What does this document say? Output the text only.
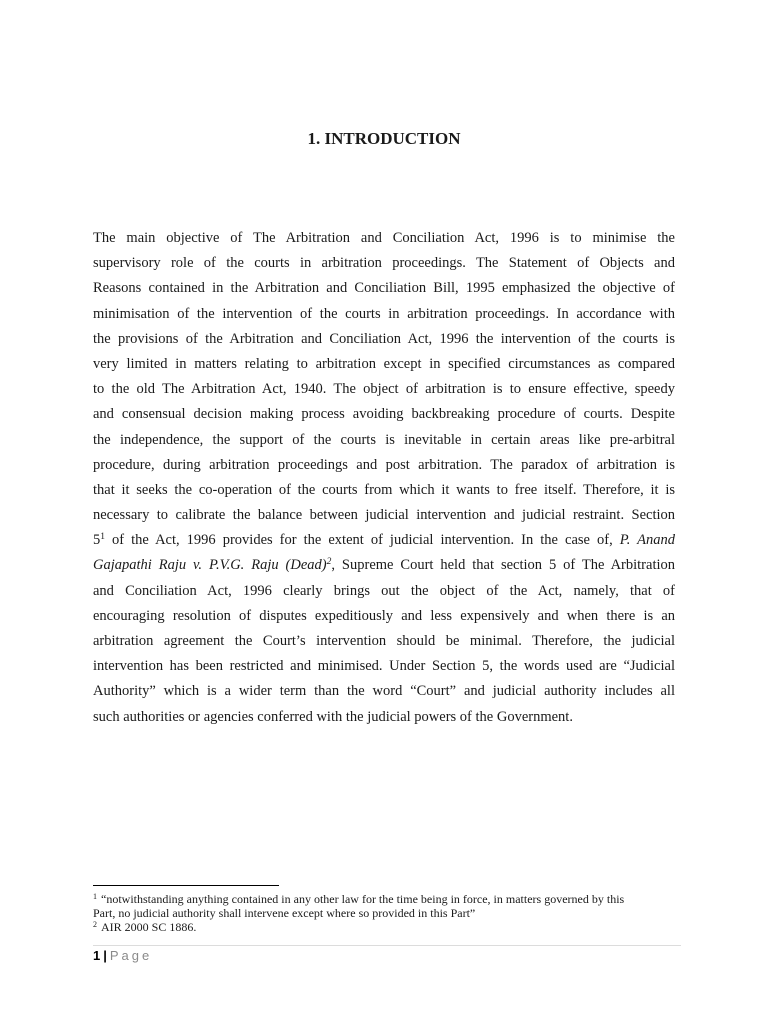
1. INTRODUCTION
The main objective of The Arbitration and Conciliation Act, 1996 is to minimise the
supervisory role of the courts in arbitration proceedings. The Statement of Objects and
Reasons contained in the Arbitration and Conciliation Bill, 1995 emphasized the objective of
minimisation of the intervention of the courts in arbitration proceedings. In accordance with
the provisions of the Arbitration and Conciliation Act, 1996 the intervention of the courts is
very limited in matters relating to arbitration except in specified circumstances as compared
to the old The Arbitration Act, 1940. The object of arbitration is to ensure effective, speedy
and consensual decision making process avoiding backbreaking procedure of courts. Despite
the independence, the support of the courts is inevitable in certain areas like pre-arbitral
procedure, during arbitration proceedings and post arbitration. The paradox of arbitration is
that it seeks the co-operation of the courts from which it wants to free itself. Therefore, it is
necessary to calibrate the balance between judicial intervention and judicial restraint. Section
5$^1$ of the Act, 1996 provides for the extent of judicial intervention. In the case of, P. Anand
Gajapathi Raju v. P.V.G. Raju (Dead)$^2$, Supreme Court held that section 5 of The Arbitration
and Conciliation Act, 1996 clearly brings out the object of the Act, namely, that of
encouraging resolution of disputes expeditiously and less expensively and when there is an
arbitration agreement the Court’s intervention should be minimal. Therefore, the judicial
intervention has been restricted and minimised. Under Section 5, the words used are “Judicial
Authority” which is a wider term than the word “Court” and judicial authority includes all
such authorities or agencies conferred with the judicial powers of the Government.
$^1$ “notwithstanding anything contained in any other law for the time being in force, in matters governed by this
Part, no judicial authority shall intervene except where so provided in this Part”
$^2$ AIR 2000 SC 1886.
1 | Page
